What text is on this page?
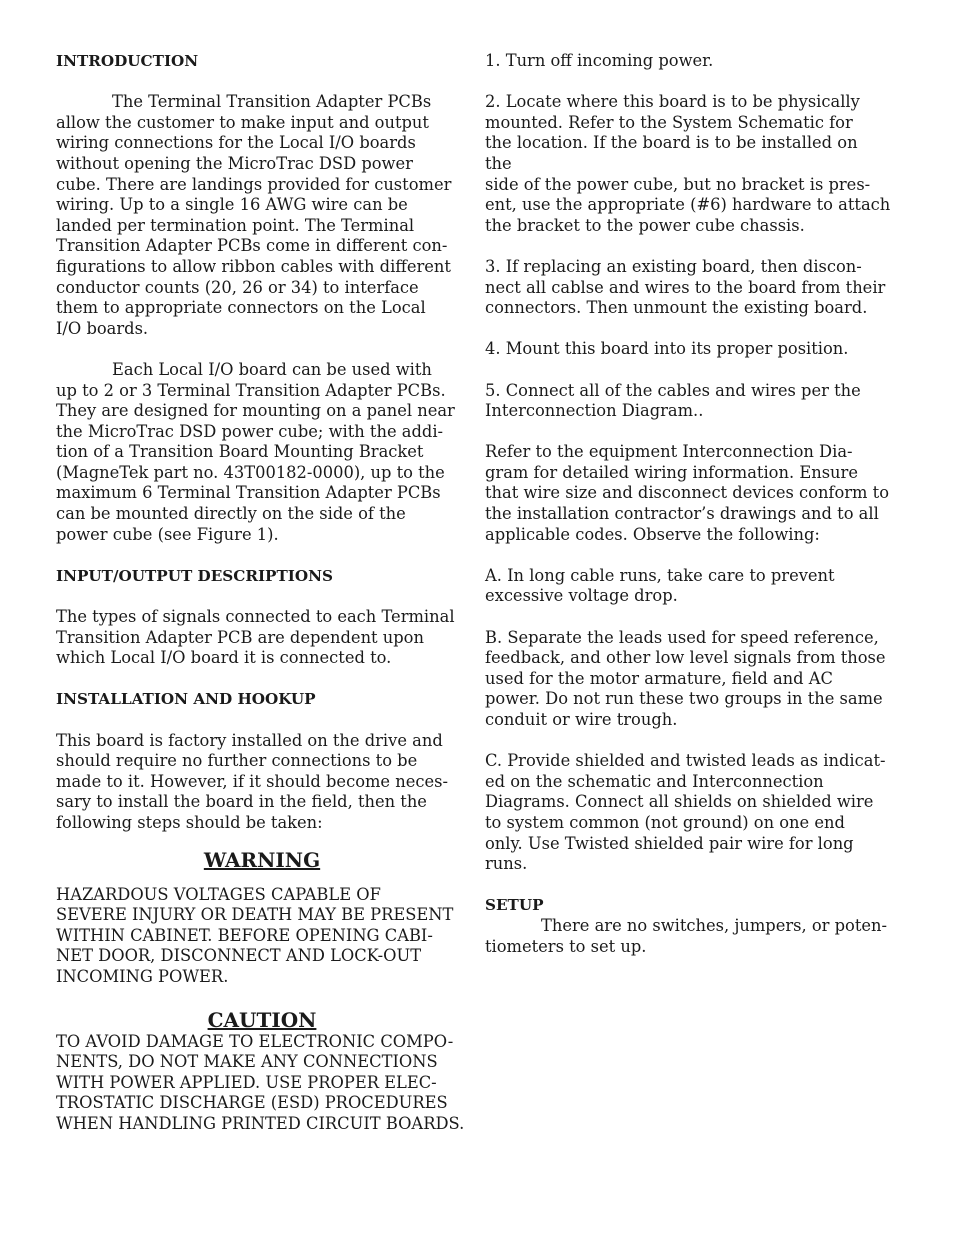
INTRODUCTION
The Terminal Transition Adapter PCBs
allow the customer to make input and output
wiring connections for the Local I/O boards
without opening the MicroTrac DSD power
cube. There are landings provided for customer
wiring. Up to a single 16 AWG wire can be
landed per termination point. The Terminal
Transition Adapter PCBs come in different con-
figurations to allow ribbon cables with different
conductor counts (20, 26 or 34) to interface
them to appropriate connectors on the Local
I/O boards.
Each Local I/O board can be used with
up to 2 or 3 Terminal Transition Adapter PCBs.
They are designed for mounting on a panel near
the MicroTrac DSD power cube; with the addi-
tion of a Transition Board Mounting Bracket
(MagneTek part no. 43T00182-0000), up to the
maximum 6 Terminal Transition Adapter PCBs
can be mounted directly on the side of the
power cube (see Figure 1).
INPUT/OUTPUT DESCRIPTIONS
The types of signals connected to each Terminal
Transition Adapter PCB are dependent upon
which Local I/O board it is connected to.
INSTALLATION AND HOOKUP
This board is factory installed on the drive and
should require no further connections to be
made to it. However, if it should become neces-
sary to install the board in the field, then the
following steps should be taken:
WARNING
HAZARDOUS VOLTAGES CAPABLE OF
SEVERE INJURY OR DEATH MAY BE PRESENT
WITHIN CABINET. BEFORE OPENING CABI-
NET DOOR, DISCONNECT AND LOCK-OUT
INCOMING POWER.
CAUTION
TO AVOID DAMAGE TO ELECTRONIC COMPO-
NENTS, DO NOT MAKE ANY CONNECTIONS
WITH POWER APPLIED. USE PROPER ELEC-
TROSTATIC DISCHARGE (ESD) PROCEDURES
WHEN HANDLING PRINTED CIRCUIT BOARDS.
1. Turn off incoming power.
2. Locate where this board is to be physically
mounted. Refer to the System Schematic for
the location. If the board is to be installed on
the
side of the power cube, but no bracket is pres-
ent, use the appropriate (#6) hardware to attach
the bracket to the power cube chassis.
3. If replacing an existing board, then discon-
nect all cablse and wires to the board from their
connectors. Then unmount the existing board.
4. Mount this board into its proper position.
5. Connect all of the cables and wires per the
Interconnection Diagram..
Refer to the equipment Interconnection Dia-
gram for detailed wiring information. Ensure
that wire size and disconnect devices conform to
the installation contractor’s drawings and to all
applicable codes. Observe the following:
A. In long cable runs, take care to prevent
excessive voltage drop.
B. Separate the leads used for speed reference,
feedback, and other low level signals from those
used for the motor armature, field and AC
power. Do not run these two groups in the same
conduit or wire trough.
C. Provide shielded and twisted leads as indicat-
ed on the schematic and Interconnection
Diagrams. Connect all shields on shielded wire
to system common (not ground) on one end
only. Use Twisted shielded pair wire for long
runs.
SETUP
There are no switches, jumpers, or poten-
tiometers to set up.
